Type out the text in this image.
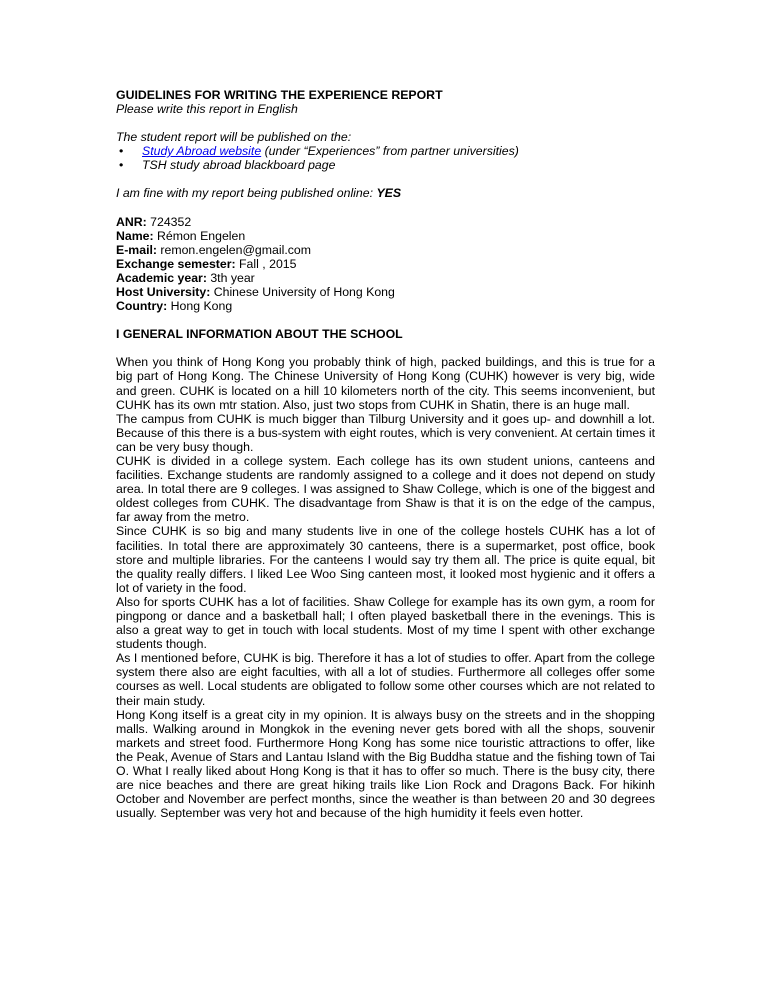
GUIDELINES FOR WRITING THE EXPERIENCE REPORT

Please write this report in English

The student report will be published on the:

• Study Abroad website (under “Experiences” from partner universities)
• TSH study abroad blackboard page

I am fine with my report being published online: YES

ANR: 724352
Name: Rémon Engelen
E-mail: remon.engelen@gmail.com
Exchange semester: Fall , 2015
Academic year: 3th year
Host University: Chinese University of Hong Kong
Country: Hong Kong

I GENERAL INFORMATION ABOUT THE SCHOOL

When you think of Hong Kong you probably think of high, packed buildings, and this is true for a big part of Hong Kong. The Chinese University of Hong Kong (CUHK) however is very big, wide and green. CUHK is located on a hill 10 kilometers north of the city. This seems inconvenient, but CUHK has its own mtr station. Also, just two stops from CUHK in Shatin, there is an huge mall.

The campus from CUHK is much bigger than Tilburg University and it goes up- and downhill a lot. Because of this there is a bus-system with eight routes, which is very convenient. At certain times it can be very busy though.

CUHK is divided in a college system. Each college has its own student unions, canteens and facilities. Exchange students are randomly assigned to a college and it does not depend on study area. In total there are 9 colleges. I was assigned to Shaw College, which is one of the biggest and oldest colleges from CUHK. The disadvantage from Shaw is that it is on the edge of the campus, far away from the metro.

Since CUHK is so big and many students live in one of the college hostels CUHK has a lot of facilities. In total there are approximately 30 canteens, there is a supermarket, post office, book store and multiple libraries. For the canteens I would say try them all. The price is quite equal, bit the quality really differs. I liked Lee Woo Sing canteen most, it looked most hygienic and it offers a lot of variety in the food.

Also for sports CUHK has a lot of facilities. Shaw College for example has its own gym, a room for pingpong or dance and a basketball hall; I often played basketball there in the evenings. This is also a great way to get in touch with local students. Most of my time I spent with other exchange students though.

As I mentioned before, CUHK is big. Therefore it has a lot of studies to offer. Apart from the college system there also are eight faculties, with all a lot of studies. Furthermore all colleges offer some courses as well. Local students are obligated to follow some other courses which are not related to their main study.

Hong Kong itself is a great city in my opinion. It is always busy on the streets and in the shopping malls. Walking around in Mongkok in the evening never gets bored with all the shops, souvenir markets and street food. Furthermore Hong Kong has some nice touristic attractions to offer, like the Peak, Avenue of Stars and Lantau Island with the Big Buddha statue and the fishing town of Tai O. What I really liked about Hong Kong is that it has to offer so much. There is the busy city, there are nice beaches and there are great hiking trails like Lion Rock and Dragons Back. For hikinh October and November are perfect months, since the weather is than between 20 and 30 degrees usually. September was very hot and because of the high humidity it feels even hotter.
